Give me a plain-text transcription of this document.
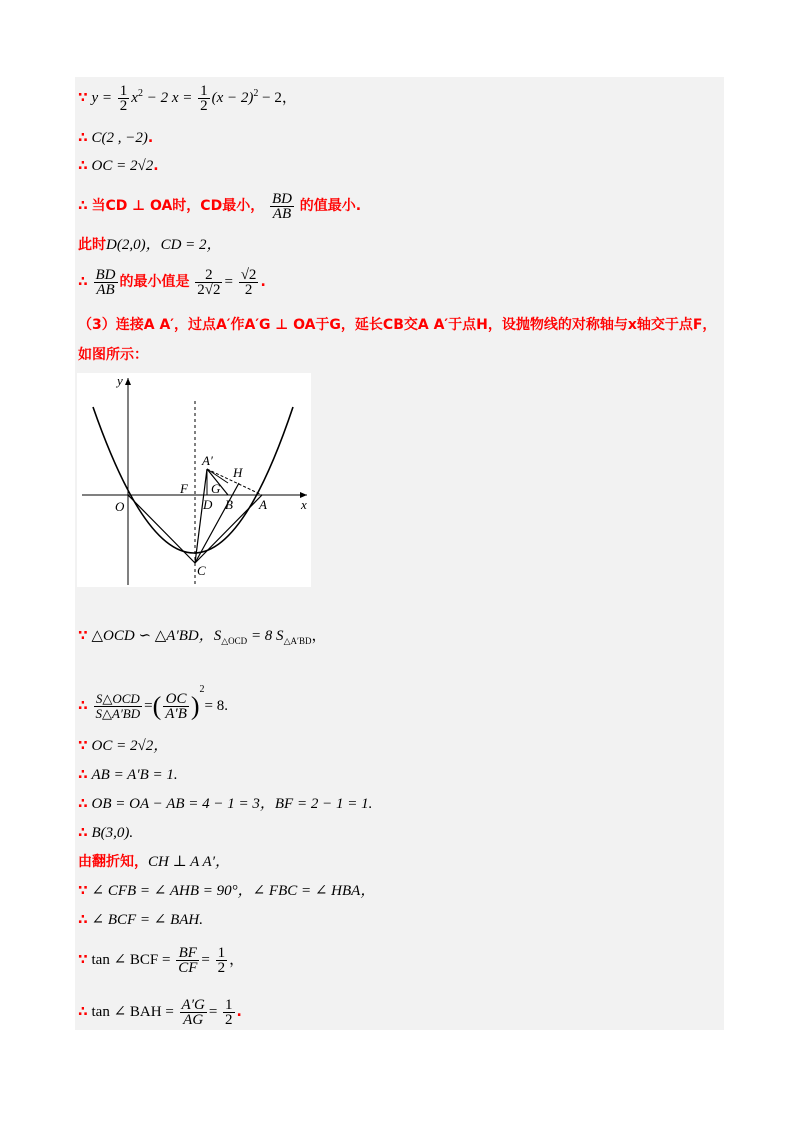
∵ $y = \frac{1}{2} x^2 - 2$ $x = \frac{1}{2} (x - 2)^2 - 2$，
∴ C(2 , −2).
∴ OC = 2√2.
∴ 当CD ⊥ OA时，CD最小， $\frac{BD}{AB}$ 的值最小.
此时D(2,0)，CD = 2，
∴ $\frac{BD}{AB}$ 的最小值是 $\frac{2}{2√2} = \frac{√2}{2}$ .
（3）连接A A′，过点A′作A′G ⊥ OA于G，延长CB交A A′于点H，设抛物线的对称轴与x轴交于点F，
如图所示：
y
x
O
F
A′
H
G
D B A
C
∵ △OCD ∽ △A′BD，$S_{\triangle OCD} = 8$ $S_{\triangle A'BD}$，
∴ S△OCD
S△A′BD =( $\frac{OC}{A'B} )^2= 8$.
∵ OC = 2√2，
∴ AB = A′B = 1.
∴ OB = OA − AB = 4 − 1 = 3，BF = 2 − 1 = 1.
∴ B(3,0).
由翻折知，CH ⊥ A A′，
∵ ∠ CFB = ∠ AHB = 90°，∠ FBC = ∠ HBA，
∴ ∠ BCF = ∠ BAH.
∵ tan ∠ BCF = $\frac{BF}{CF} = \frac{1}{2}$ ，
∴ tan ∠ BAH = $\frac{A'G}{AG} = \frac{1}{2}$ .
